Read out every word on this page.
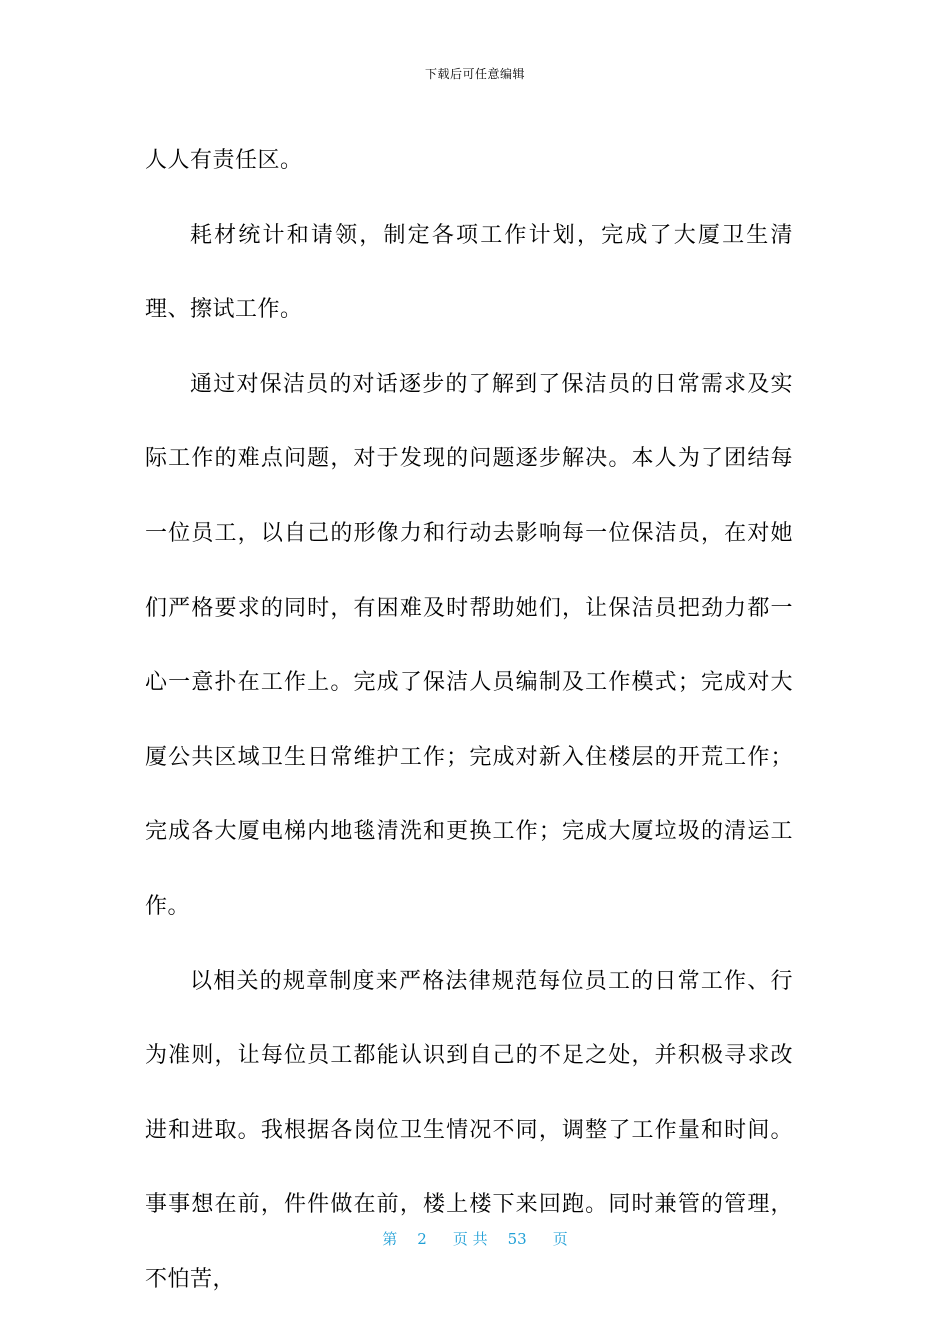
下载后可任意编辑

人人有责任区。

耗材统计和请领，制定各项工作计划，完成了大厦卫生清理、擦试工作。

通过对保洁员的对话逐步的了解到了保洁员的日常需求及实际工作的难点问题，对于发现的问题逐步解决。本人为了团结每一位员工，以自己的形像力和行动去影响每一位保洁员，在对她们严格要求的同时，有困难及时帮助她们，让保洁员把劲力都一心一意扑在工作上。完成了保洁人员编制及工作模式；完成对大厦公共区域卫生日常维护工作；完成对新入住楼层的开荒工作；完成各大厦电梯内地毯清洗和更换工作；完成大厦垃圾的清运工作。

以相关的规章制度来严格法律规范每位员工的日常工作、行为准则，让每位员工都能认识到自己的不足之处，并积极寻求改进和进取。我根据各岗位卫生情况不同，调整了工作量和时间。事事想在前，件件做在前，楼上楼下来回跑。同时兼管的管理，不怕苦，

第 2 页 共 53 页
